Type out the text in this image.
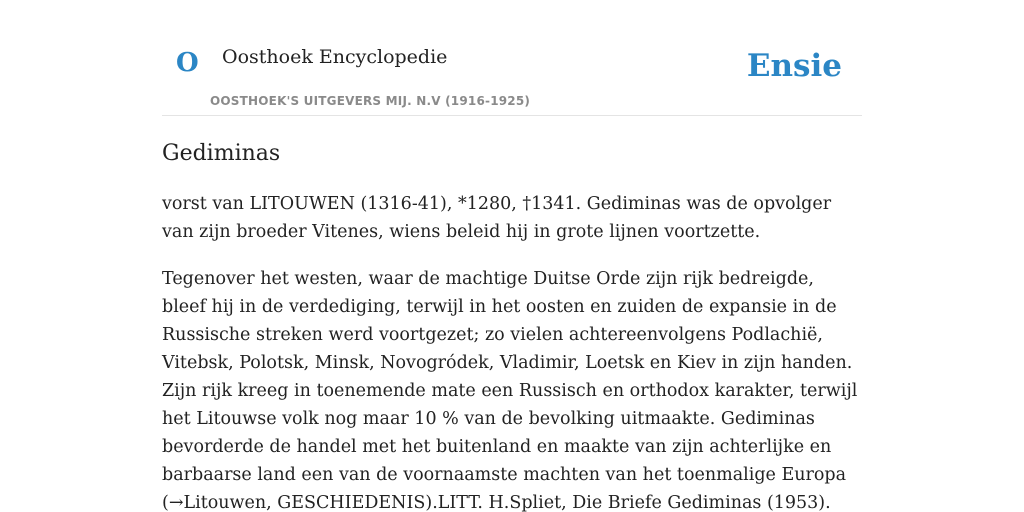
O Oosthoek Encyclopedie
OOSTHOEK'S UITGEVERS MIJ. N.V (1916-1925)
Ensie
Gediminas

vorst van LITOUWEN (1316-41), *1280, †1341. Gediminas was de opvolger van zijn broeder Vitenes, wiens beleid hij in grote lijnen voortzette.

Tegenover het westen, waar de machtige Duitse Orde zijn rijk bedreigde, bleef hij in de verdediging, terwijl in het oosten en zuiden de expansie in de Russische streken werd voortgezet; zo vielen achtereenvolgens Podlachië, Vitebsk, Polotsk, Minsk, Novogródek, Vladimir, Loetsk en Kiev in zijn handen. Zijn rijk kreeg in toenemende mate een Russisch en orthodox karakter, terwijl het Litouwse volk nog maar 10 % van de bevolking uitmaakte. Gediminas bevorderde de handel met het buitenland en maakte van zijn achterlijke en barbaarse land een van de voornaamste machten van het toenmalige Europa (→Litouwen, GESCHIEDENIS).LITT. H.Spliet, Die Briefe Gediminas (1953).
